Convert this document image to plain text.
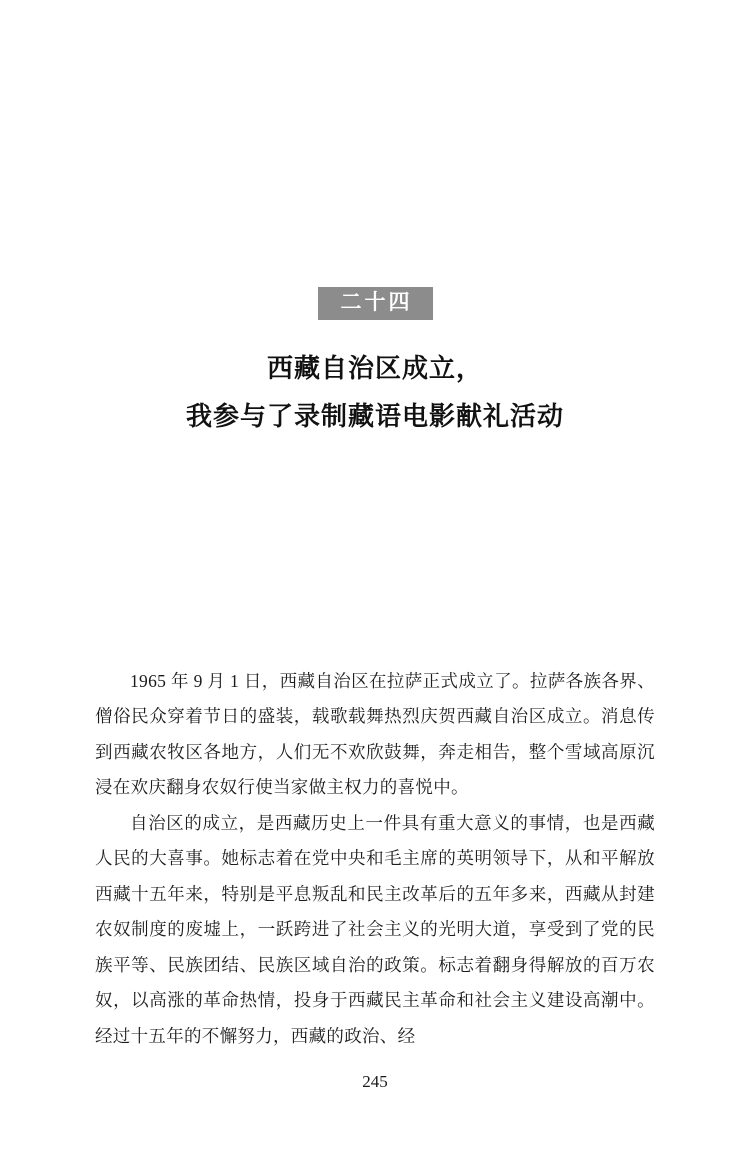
二十四
西藏自治区成立，
我参与了录制藏语电影献礼活动

1965 年 9 月 1 日，西藏自治区在拉萨正式成立了。拉萨各族各界、僧俗民众穿着节日的盛装，载歌载舞热烈庆贺西藏自治区成立。消息传到西藏农牧区各地方，人们无不欢欣鼓舞，奔走相告，整个雪域高原沉浸在欢庆翻身农奴行使当家做主权力的喜悦中。

自治区的成立，是西藏历史上一件具有重大意义的事情，也是西藏人民的大喜事。她标志着在党中央和毛主席的英明领导下，从和平解放西藏十五年来，特别是平息叛乱和民主改革后的五年多来，西藏从封建农奴制度的废墟上，一跃跨进了社会主义的光明大道，享受到了党的民族平等、民族团结、民族区域自治的政策。标志着翻身得解放的百万农奴，以高涨的革命热情，投身于西藏民主革命和社会主义建设高潮中。经过十五年的不懈努力，西藏的政治、经

245
